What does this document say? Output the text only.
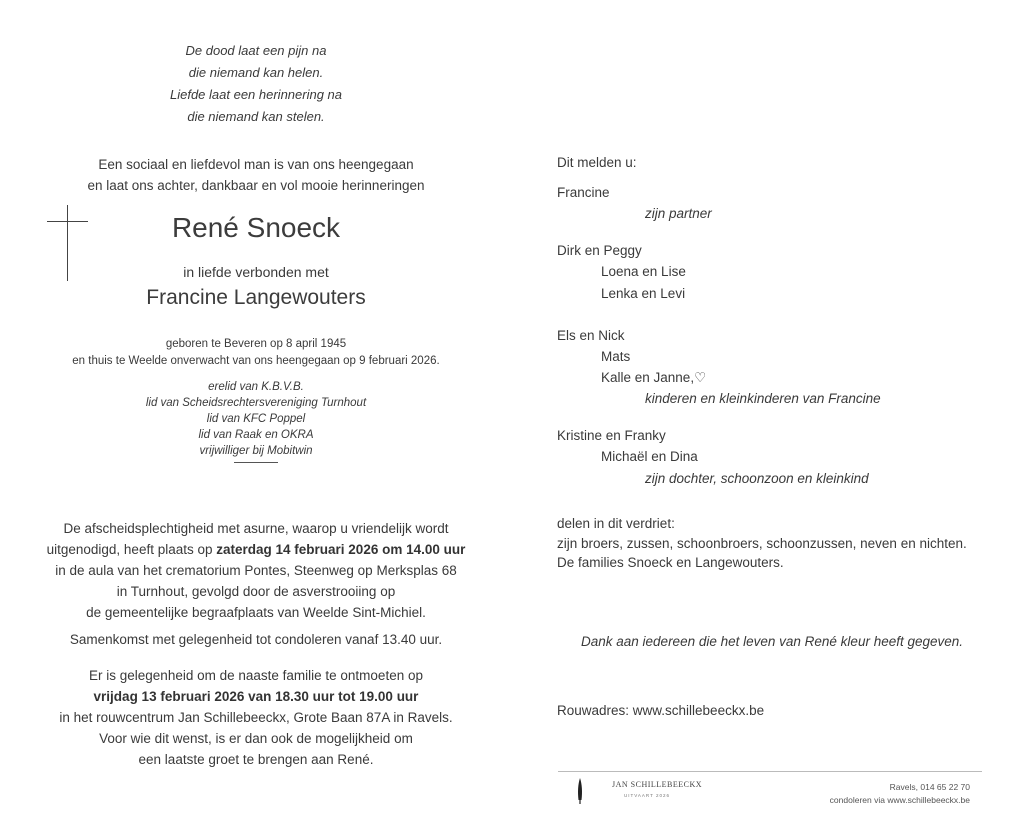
De dood laat een pijn na
die niemand kan helen.
Liefde laat een herinnering na
die niemand kan stelen.
Een sociaal en liefdevol man is van ons heengegaan
en laat ons achter, dankbaar en vol mooie herinneringen
René Snoeck
in liefde verbonden met
Francine Langewouters
geboren te Beveren op 8 april 1945
en thuis te Weelde onverwacht van ons heengegaan op 9 februari 2026.
erelid van K.B.V.B.
lid van Scheidsrechtersvereniging Turnhout
lid van KFC Poppel
lid van Raak en OKRA
vrijwilliger bij Mobitwin
De afscheidsplechtigheid met asurne, waarop u vriendelijk wordt
uitgenodigd, heeft plaats op zaterdag 14 februari 2026 om 14.00 uur
in de aula van het crematorium Pontes, Steenweg op Merksplas 68
in Turnhout, gevolgd door de asverstrooiing op
de gemeentelijke begraafplaats van Weelde Sint-Michiel.
Samenkomst met gelegenheid tot condoleren vanaf 13.40 uur.
Er is gelegenheid om de naaste familie te ontmoeten op
vrijdag 13 februari 2026 van 18.30 uur tot 19.00 uur
in het rouwcentrum Jan Schillebeeckx, Grote Baan 87A in Ravels.
Voor wie dit wenst, is er dan ook de mogelijkheid om
een laatste groet te brengen aan René.
Dit melden u:
Francine
zijn partner
Dirk en Peggy
Loena en Lise
Lenka en Levi
Els en Nick
Mats
Kalle en Janne,♡
kinderen en kleinkinderen van Francine
Kristine en Franky
Michaël en Dina
zijn dochter, schoonzoon en kleinkind
delen in dit verdriet:
zijn broers, zussen, schoonbroers, schoonzussen, neven en nichten.
De families Snoeck en Langewouters.
Dank aan iedereen die het leven van René kleur heeft gegeven.
Rouwadres: www.schillebeeckx.be
JAN SCHILLEBEECKX
UITVAART 2026
Ravels, 014 65 22 70
condoleren via www.schillebeeckx.be
